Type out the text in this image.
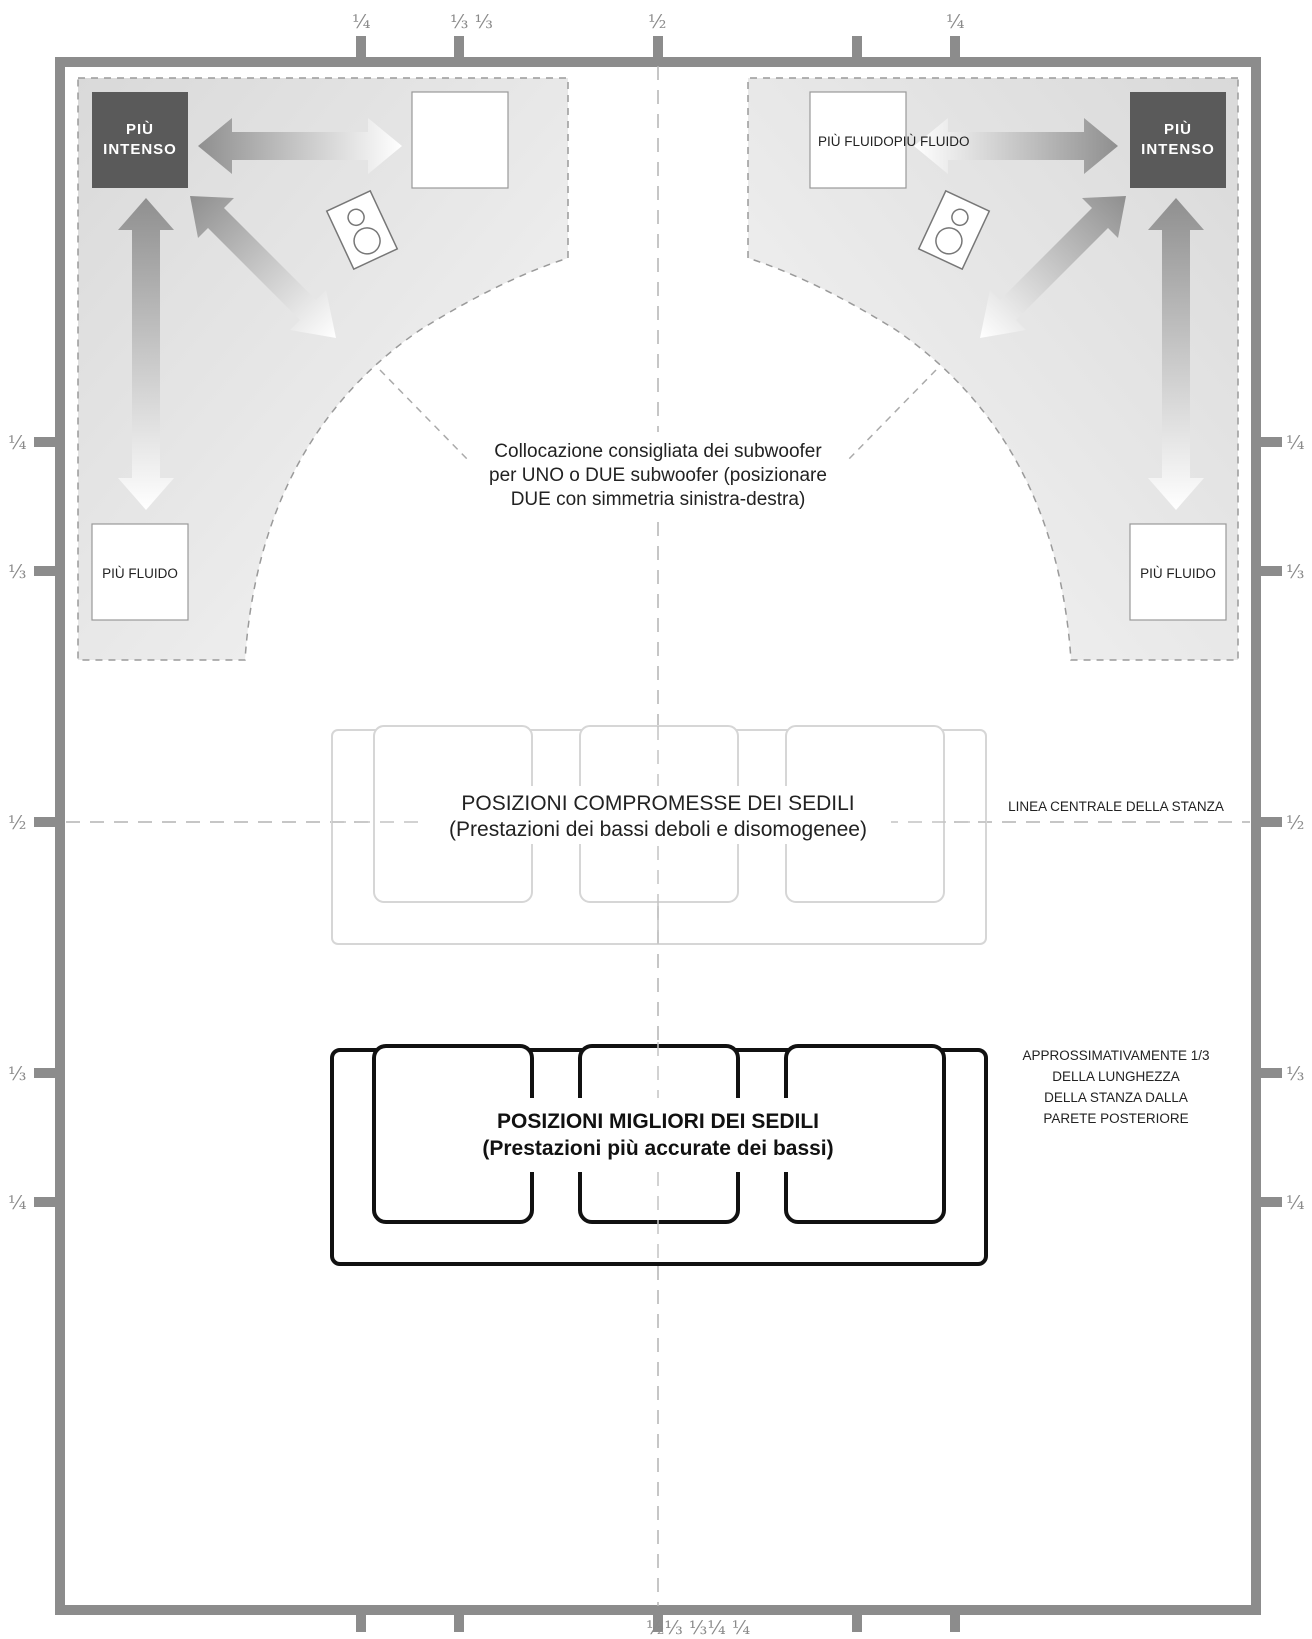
¼	⅓ ⅓	½	¼
½⅓ ⅓¼ ¼
¼
⅓
½
⅓
¼
¼
⅓
½
⅓
¼
PIÙ
INTENSO
PIÙ FLUIDO
PIÙ
INTENSO
PIÙ FLUIDOPIÙ FLUIDO
PIÙ FLUIDO
Collocazione consigliata dei subwoofer
per UNO o DUE subwoofer (posizionare
DUE con simmetria sinistra-destra)
POSIZIONI COMPROMESSE DEI SEDILI
(Prestazioni dei bassi deboli e disomogenee)
LINEA CENTRALE DELLA STANZA
POSIZIONI MIGLIORI DEI SEDILI
(Prestazioni più accurate dei bassi)
APPROSSIMATIVAMENTE 1/3
DELLA LUNGHEZZA
DELLA STANZA DALLA
PARETE POSTERIORE
